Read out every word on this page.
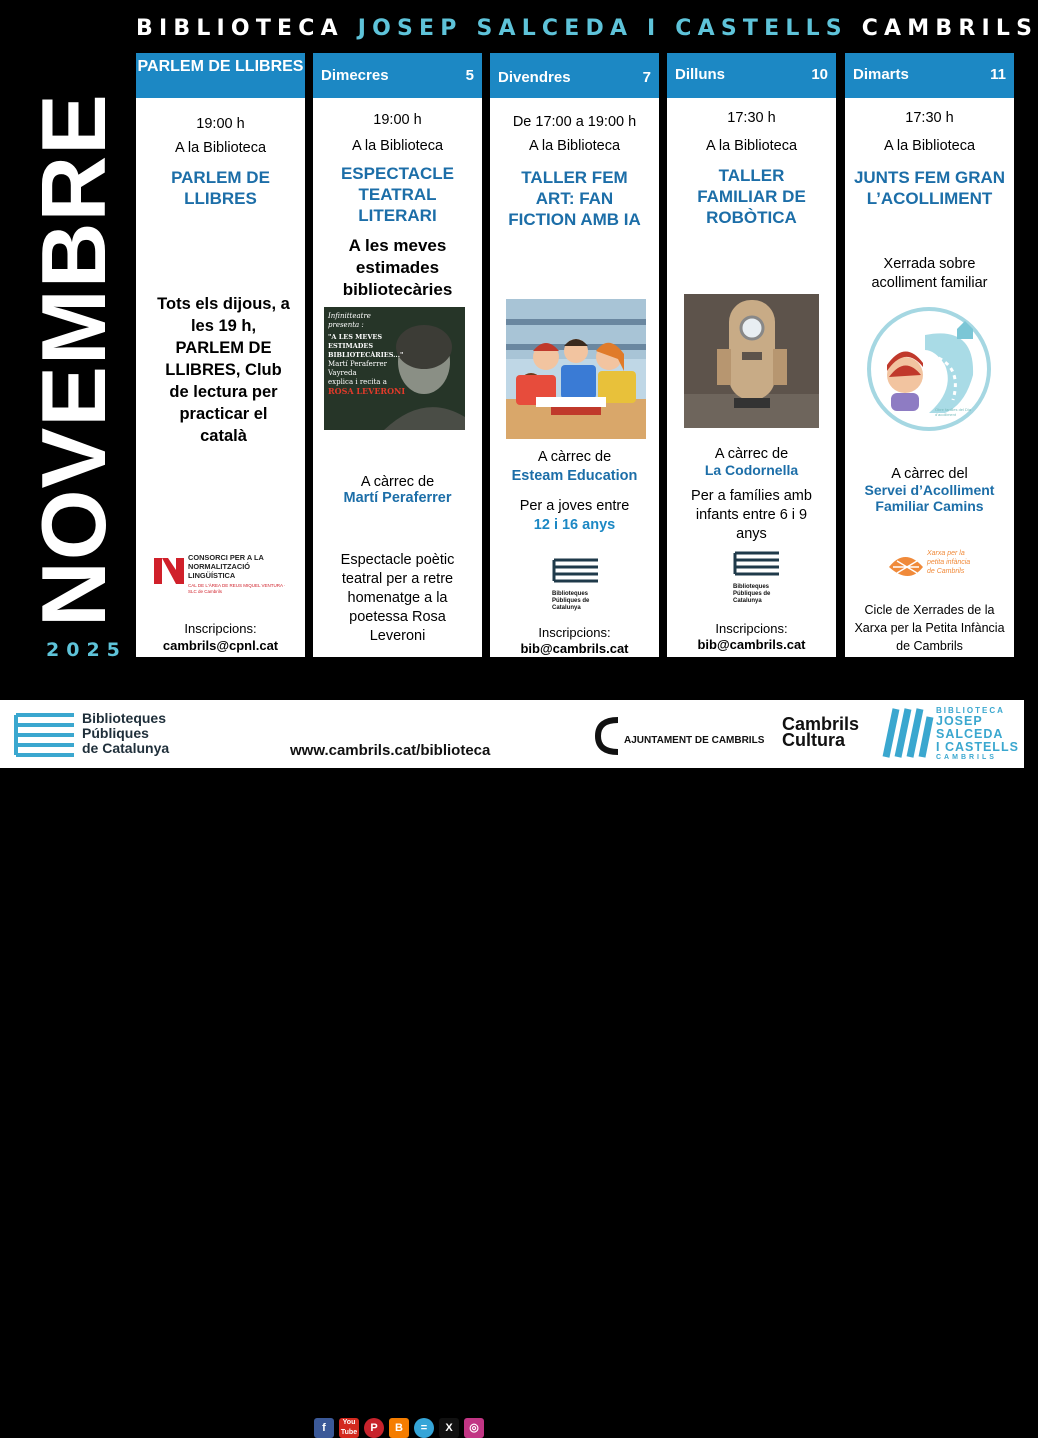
BIBLIOTECA JOSEP SALCEDA I CASTELLS CAMBRILS
NOVEMBRE
2025
PARLEM DE LLIBRES
19:00 h
A la Biblioteca
PARLEM DE LLIBRES
Tots els dijous, a les 19 h, PARLEM DE LLIBRES, Club de lectura per practicar el català
CONSORCI PER A LA NORMALITZACIÓ LINGÜÍSTICA
CAL DE L'ÀREA DE REUS MIQUEL VENTURA · SLC de Cambrils
Inscripcions:
cambrils@cpnl.cat
Dimecres	5
19:00 h
A la Biblioteca
ESPECTACLE TEATRAL LITERARI
A les meves estimades bibliotecàries
Infinitteatre
presenta :
"A LES MEVES ESTIMADES BIBLIOTECÀRIES..."
Martí Peraferrer
Vayreda
explica i recita a
ROSA LEVERONI
A càrrec de
Martí Peraferrer
Espectacle poètic teatral per a retre homenatge a la poetessa Rosa Leveroni
Divendres	7
De 17:00 a 19:00 h
A la Biblioteca
TALLER FEM ART: FAN FICTION AMB IA
A càrrec de
Esteam Education
Per a joves entre
12 i 16 anys
Biblioteques Públiques de Catalunya
Inscripcions:
bib@cambrils.cat
Dilluns	10
17:30 h
A la Biblioteca
TALLER FAMILIAR DE ROBÒTICA
A càrrec de
La Codornella
Per a famílies amb infants entre 6 i 9 anys
Biblioteques Públiques de Catalunya
Inscripcions:
bib@cambrils.cat
Dimarts	11
17:30 h
A la Biblioteca
JUNTS FEM GRAN L’ACOLLIMENT
Xerrada sobre acolliment familiar
Obre fanilies del Dia d'acolliment
A càrrec del
Servei d’Acolliment Familiar Camins
Xarxa per la petita infància de Cambrils
Cicle de Xerrades de la Xarxa per la Petita Infància de Cambrils
Biblioteques
Públiques
de Catalunya
f	You Tube	P	B	=	X	◎
www.cambrils.cat/biblioteca
AJUNTAMENT DE CAMBRILS
Cambrils
Cultura
BIBLIOTECA
JOSEP
SALCEDA
I CASTELLS
CAMBRILS
